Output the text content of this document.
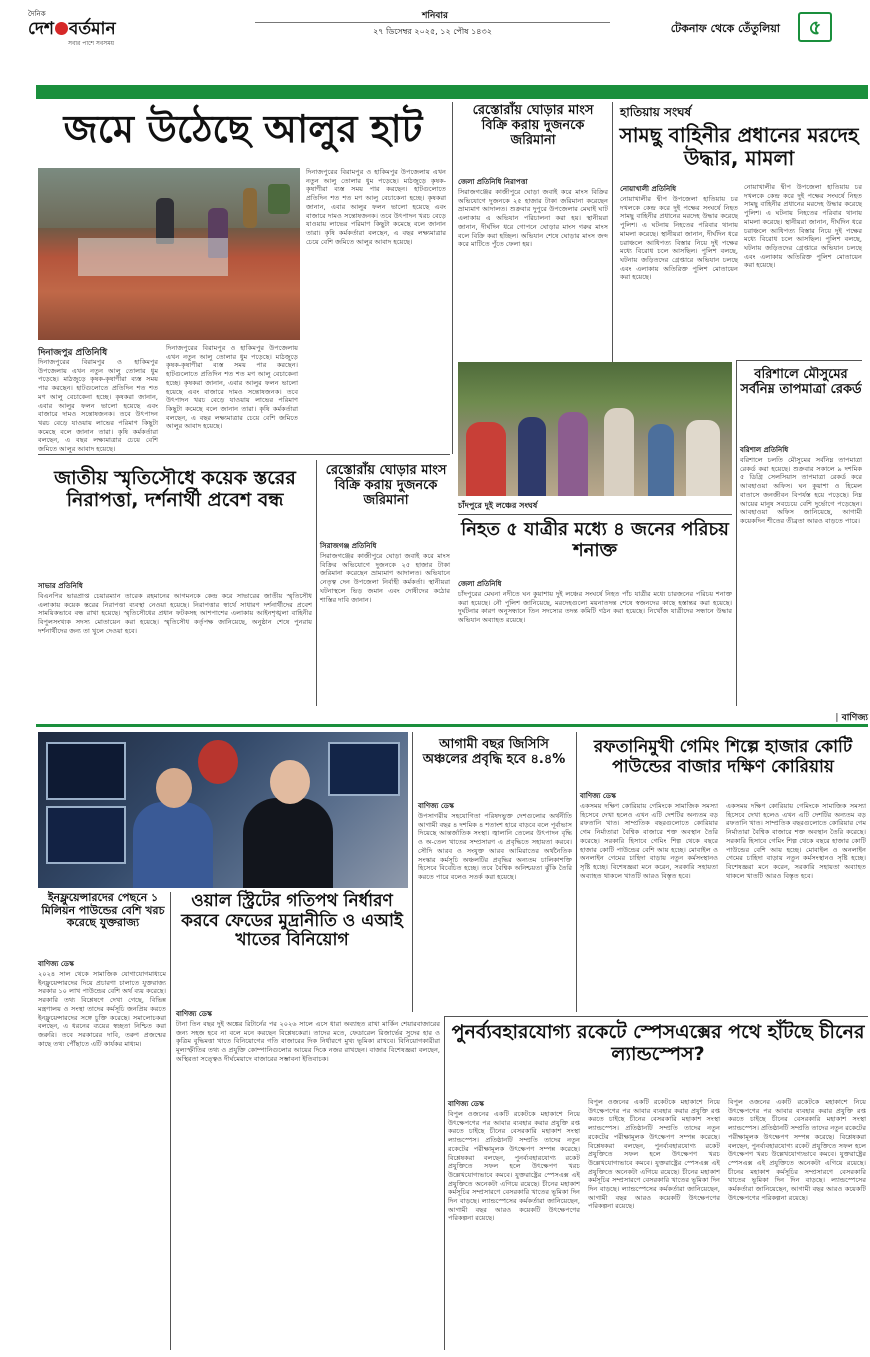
দৈনিক
দেশ বর্তমান
সবার পাশে সবসময়
শনিবার
২৭ ডিসেম্বর ২০২৫, ১২ পৌষ ১৪৩২	টেকনাফ থেকে তেঁতুলিয়া	৫
জমে উঠেছে আলুর হাট
দিনাজপুর প্রতিনিধি
দিনাজপুরের বিরামপুর ও হাকিমপুর উপজেলায় এখন নতুন আলু তোলার ধুম পড়েছে। মাঠজুড়ে কৃষক-কৃষাণীরা ব্যস্ত সময় পার করছেন। হাটগুলোতে প্রতিদিন শত শত মণ আলু বেচাকেনা হচ্ছে। কৃষকরা জানান, এবার আলুর ফলন ভালো হয়েছে এবং বাজারে দামও সন্তোষজনক। তবে উৎপাদন খরচ বেড়ে যাওয়ায় লাভের পরিমাণ কিছুটা কমেছে বলে জানান তারা। কৃষি কর্মকর্তারা বলছেন, এ বছর লক্ষ্যমাত্রার চেয়ে বেশি জমিতে আলুর আবাদ হয়েছে।
দিনাজপুরের বিরামপুর ও হাকিমপুর উপজেলায় এখন নতুন আলু তোলার ধুম পড়েছে। মাঠজুড়ে কৃষক-কৃষাণীরা ব্যস্ত সময় পার করছেন। হাটগুলোতে প্রতিদিন শত শত মণ আলু বেচাকেনা হচ্ছে। কৃষকরা জানান, এবার আলুর ফলন ভালো হয়েছে এবং বাজারে দামও সন্তোষজনক। তবে উৎপাদন খরচ বেড়ে যাওয়ায় লাভের পরিমাণ কিছুটা কমেছে বলে জানান তারা। কৃষি কর্মকর্তারা বলছেন, এ বছর লক্ষ্যমাত্রার চেয়ে বেশি জমিতে আলুর আবাদ হয়েছে।
দিনাজপুরের বিরামপুর ও হাকিমপুর উপজেলায় এখন নতুন আলু তোলার ধুম পড়েছে। মাঠজুড়ে কৃষক-কৃষাণীরা ব্যস্ত সময় পার করছেন। হাটগুলোতে প্রতিদিন শত শত মণ আলু বেচাকেনা হচ্ছে। কৃষকরা জানান, এবার আলুর ফলন ভালো হয়েছে এবং বাজারে দামও সন্তোষজনক। তবে উৎপাদন খরচ বেড়ে যাওয়ায় লাভের পরিমাণ কিছুটা কমেছে বলে জানান তারা। কৃষি কর্মকর্তারা বলছেন, এ বছর লক্ষ্যমাত্রার চেয়ে বেশি জমিতে আলুর আবাদ হয়েছে।
রেস্তোরাঁয় ঘোড়ার মাংস বিক্রি করায় দুজনকে জরিমানা
জেলা প্রতিনিধি নিরাপত্তা
সিরাজগঞ্জের কাজীপুরে ঘোড়া জবাই করে মাংস বিক্রির অভিযোগে দুজনকে ২৫ হাজার টাকা জরিমানা করেছেন ভ্রাম্যমাণ আদালত। শুক্রবার দুপুরে উপজেলার মেঘাই ঘাট এলাকায় এ অভিযান পরিচালনা করা হয়। স্থানীয়রা জানান, দীর্ঘদিন ধরে গোপনে ঘোড়ার মাংস গরুর মাংস বলে বিক্রি করা হচ্ছিল। অভিযান শেষে ঘোড়ার মাংস জব্দ করে মাটিতে পুঁতে ফেলা হয়।
হাতিয়ায় সংঘর্ষ
সামছু বাহিনীর প্রধানের মরদেহ উদ্ধার, মামলা
নোয়াখালী প্রতিনিধি
নোয়াখালীর দ্বীপ উপজেলা হাতিয়ায় চর দখলকে কেন্দ্র করে দুই পক্ষের সংঘর্ষে নিহত সামছু বাহিনীর প্রধানের মরদেহ উদ্ধার করেছে পুলিশ। এ ঘটনায় নিহতের পরিবার থানায় মামলা করেছে। স্থানীয়রা জানান, দীর্ঘদিন ধরে চরাঞ্চলে আধিপত্য বিস্তার নিয়ে দুই পক্ষের মধ্যে বিরোধ চলে আসছিল। পুলিশ বলছে, ঘটনায় জড়িতদের গ্রেপ্তারে অভিযান চলছে এবং এলাকায় অতিরিক্ত পুলিশ মোতায়েন করা হয়েছে।
নোয়াখালীর দ্বীপ উপজেলা হাতিয়ায় চর দখলকে কেন্দ্র করে দুই পক্ষের সংঘর্ষে নিহত সামছু বাহিনীর প্রধানের মরদেহ উদ্ধার করেছে পুলিশ। এ ঘটনায় নিহতের পরিবার থানায় মামলা করেছে। স্থানীয়রা জানান, দীর্ঘদিন ধরে চরাঞ্চলে আধিপত্য বিস্তার নিয়ে দুই পক্ষের মধ্যে বিরোধ চলে আসছিল। পুলিশ বলছে, ঘটনায় জড়িতদের গ্রেপ্তারে অভিযান চলছে এবং এলাকায় অতিরিক্ত পুলিশ মোতায়েন করা হয়েছে।
বরিশালে মৌসুমের সর্বনিম্ন তাপমাত্রা রেকর্ড
বরিশাল প্রতিনিধি
বরিশালে চলতি মৌসুমের সর্বনিম্ন তাপমাত্রা রেকর্ড করা হয়েছে। শুক্রবার সকালে ৯ দশমিক ৫ ডিগ্রি সেলসিয়াস তাপমাত্রা রেকর্ড করে আবহাওয়া অফিস। ঘন কুয়াশা ও হিমেল বাতাসে জনজীবন বিপর্যস্ত হয়ে পড়েছে। নিম্ন আয়ের মানুষ সবচেয়ে বেশি দুর্ভোগে পড়েছেন। আবহাওয়া অফিস জানিয়েছে, আগামী কয়েকদিন শীতের তীব্রতা আরও বাড়তে পারে।
জাতীয় স্মৃতিসৌধে কয়েক স্তরের নিরাপত্তা, দর্শনার্থী প্রবেশ বন্ধ
সাভার প্রতিনিধি
বিএনপির ভারপ্রাপ্ত চেয়ারম্যান তারেক রহমানের আগমনকে কেন্দ্র করে সাভারের জাতীয় স্মৃতিসৌধ এলাকায় কয়েক স্তরের নিরাপত্তা ব্যবস্থা নেওয়া হয়েছে। নিরাপত্তার স্বার্থে সাধারণ দর্শনার্থীদের প্রবেশ সাময়িকভাবে বন্ধ রাখা হয়েছে। স্মৃতিসৌধের প্রধান ফটকসহ আশপাশের এলাকায় আইনশৃঙ্খলা বাহিনীর বিপুলসংখ্যক সদস্য মোতায়েন করা হয়েছে। স্মৃতিসৌধ কর্তৃপক্ষ জানিয়েছে, অনুষ্ঠান শেষে পুনরায় দর্শনার্থীদের জন্য তা খুলে দেওয়া হবে।
রেস্তোরাঁয় ঘোড়ার মাংস বিক্রি করায় দুজনকে জরিমানা
সিরাজগঞ্জ প্রতিনিধি
সিরাজগঞ্জের কাজীপুরে ঘোড়া জবাই করে মাংস বিক্রির অভিযোগে দুজনকে ২৫ হাজার টাকা জরিমানা করেছেন ভ্রাম্যমাণ আদালত। অভিযানে নেতৃত্ব দেন উপজেলা নির্বাহী কর্মকর্তা। স্থানীয়রা ঘটনাস্থলে ভিড় জমান এবং দোষীদের কঠোর শাস্তির দাবি জানান।
চাঁদপুরে দুই লঞ্চের সংঘর্ষ
নিহত ৫ যাত্রীর মধ্যে ৪ জনের পরিচয় শনাক্ত
জেলা প্রতিনিধি
চাঁদপুরের মেঘনা নদীতে ঘন কুয়াশায় দুই লঞ্চের সংঘর্ষে নিহত পাঁচ যাত্রীর মধ্যে চারজনের পরিচয় শনাক্ত করা হয়েছে। নৌ পুলিশ জানিয়েছে, মরদেহগুলো ময়নাতদন্ত শেষে স্বজনদের কাছে হস্তান্তর করা হয়েছে। দুর্ঘটনার কারণ অনুসন্ধানে তিন সদস্যের তদন্ত কমিটি গঠন করা হয়েছে। নিখোঁজ যাত্রীদের সন্ধানে উদ্ধার অভিযান অব্যাহত রয়েছে।
| বাণিজ্য
আগামী বছর জিসিসি অঞ্চলের প্রবৃদ্ধি হবে ৪.৪%
বাণিজ্য ডেস্ক
উপসাগরীয় সহযোগিতা পরিষদভুক্ত দেশগুলোর অর্থনীতি আগামী বছর ৪ দশমিক ৪ শতাংশ হারে বাড়বে বলে পূর্বাভাস দিয়েছে আন্তর্জাতিক সংস্থা। জ্বালানি তেলের উৎপাদন বৃদ্ধি ও অ-তেল খাতের সম্প্রসারণ এ প্রবৃদ্ধিতে সহায়তা করবে। সৌদি আরব ও সংযুক্ত আরব আমিরাতের অর্থনৈতিক সংস্কার কর্মসূচি অঞ্চলটির প্রবৃদ্ধির অন্যতম চালিকাশক্তি হিসেবে বিবেচিত হচ্ছে। তবে বৈশ্বিক অনিশ্চয়তা ঝুঁকি তৈরি করতে পারে বলেও সতর্ক করা হয়েছে।
রফতানিমুখী গেমিং শিল্পে হাজার কোটি পাউন্ডের বাজার দক্ষিণ কোরিয়ায়
বাণিজ্য ডেস্ক
একসময় দক্ষিণ কোরিয়ায় গেমিংকে সামাজিক সমস্যা হিসেবে দেখা হলেও এখন এটি দেশটির অন্যতম বড় রফতানি খাত। সাম্প্রতিক বছরগুলোতে কোরিয়ার গেম নির্মাতারা বৈশ্বিক বাজারে শক্ত অবস্থান তৈরি করেছে। সরকারি হিসাবে গেমিং শিল্প থেকে বছরে হাজার কোটি পাউন্ডের বেশি আয় হচ্ছে। মোবাইল ও অনলাইন গেমের চাহিদা বাড়ায় নতুন কর্মসংস্থানও সৃষ্টি হচ্ছে। বিশেষজ্ঞরা মনে করেন, সরকারি সহায়তা অব্যাহত থাকলে খাতটি আরও বিস্তৃত হবে।
একসময় দক্ষিণ কোরিয়ায় গেমিংকে সামাজিক সমস্যা হিসেবে দেখা হলেও এখন এটি দেশটির অন্যতম বড় রফতানি খাত। সাম্প্রতিক বছরগুলোতে কোরিয়ার গেম নির্মাতারা বৈশ্বিক বাজারে শক্ত অবস্থান তৈরি করেছে। সরকারি হিসাবে গেমিং শিল্প থেকে বছরে হাজার কোটি পাউন্ডের বেশি আয় হচ্ছে। মোবাইল ও অনলাইন গেমের চাহিদা বাড়ায় নতুন কর্মসংস্থানও সৃষ্টি হচ্ছে। বিশেষজ্ঞরা মনে করেন, সরকারি সহায়তা অব্যাহত থাকলে খাতটি আরও বিস্তৃত হবে।
ইনফ্লুয়েন্সারদের পেছনে ১ মিলিয়ন পাউন্ডের বেশি খরচ করেছে যুক্তরাজ্য
বাণিজ্য ডেস্ক
২০২৪ সাল থেকে সামাজিক যোগাযোগমাধ্যমে ইনফ্লুয়েন্সারদের দিয়ে প্রচারণা চালাতে যুক্তরাজ্য সরকার ১০ লাখ পাউন্ডের বেশি অর্থ ব্যয় করেছে। সরকারি তথ্য বিশ্লেষণে দেখা গেছে, বিভিন্ন মন্ত্রণালয় ও সংস্থা তাদের কর্মসূচি জনপ্রিয় করতে ইনফ্লুয়েন্সারদের সঙ্গে চুক্তি করেছে। সমালোচকরা বলছেন, এ ধরনের ব্যয়ের স্বচ্ছতা নিশ্চিত করা জরুরি। তবে সরকারের দাবি, তরুণ প্রজন্মের কাছে তথ্য পৌঁছাতে এটি কার্যকর মাধ্যম।
ওয়াল স্ট্রিটের গতিপথ নির্ধারণ করবে ফেডের মুদ্রানীতি ও এআই খাতের বিনিয়োগ
বাণিজ্য ডেস্ক
টানা তিন বছর দুই অঙ্কের রিটার্নের পর ২০২৬ সালে এসে ধারা অব্যাহত রাখা মার্কিন শেয়ারবাজারের জন্য সহজ হবে না বলে মনে করছেন বিশ্লেষকেরা। তাদের মতে, ফেডারেল রিজার্ভের সুদের হার ও কৃত্রিম বুদ্ধিমত্তা খাতে বিনিয়োগের গতি বাজারের দিক নির্ধারণে মুখ্য ভূমিকা রাখবে। বিনিয়োগকারীরা মূল্যস্ফীতির তথ্য ও প্রযুক্তি কোম্পানিগুলোর আয়ের দিকে নজর রাখছেন। বাজার বিশেষজ্ঞরা বলছেন, অস্থিরতা সত্ত্বেও দীর্ঘমেয়াদে বাজারের সম্ভাবনা ইতিবাচক।
পুনর্ব্যবহারযোগ্য রকেটে স্পেসএক্সের পথে হাঁটছে চীনের ল্যান্ডস্পেস?
বাণিজ্য ডেস্ক
বিপুল ওজনের একটি রকেটকে মহাকাশে নিয়ে উৎক্ষেপণের পর আবার ব্যবহার করার প্রযুক্তি রপ্ত করতে চাইছে চীনের বেসরকারি মহাকাশ সংস্থা ল্যান্ডস্পেস। প্রতিষ্ঠানটি সম্প্রতি তাদের নতুন রকেটের পরীক্ষামূলক উৎক্ষেপণ সম্পন্ন করেছে। বিশ্লেষকরা বলছেন, পুনর্ব্যবহারযোগ্য রকেট প্রযুক্তিতে সফল হলে উৎক্ষেপণ খরচ উল্লেখযোগ্যভাবে কমবে। যুক্তরাষ্ট্রের স্পেসএক্স এই প্রযুক্তিতে অনেকটা এগিয়ে রয়েছে। চীনের মহাকাশ কর্মসূচির সম্প্রসারণে বেসরকারি খাতের ভূমিকা দিন দিন বাড়ছে। ল্যান্ডস্পেসের কর্মকর্তারা জানিয়েছেন, আগামী বছর আরও কয়েকটি উৎক্ষেপণের পরিকল্পনা রয়েছে।
বিপুল ওজনের একটি রকেটকে মহাকাশে নিয়ে উৎক্ষেপণের পর আবার ব্যবহার করার প্রযুক্তি রপ্ত করতে চাইছে চীনের বেসরকারি মহাকাশ সংস্থা ল্যান্ডস্পেস। প্রতিষ্ঠানটি সম্প্রতি তাদের নতুন রকেটের পরীক্ষামূলক উৎক্ষেপণ সম্পন্ন করেছে। বিশ্লেষকরা বলছেন, পুনর্ব্যবহারযোগ্য রকেট প্রযুক্তিতে সফল হলে উৎক্ষেপণ খরচ উল্লেখযোগ্যভাবে কমবে। যুক্তরাষ্ট্রের স্পেসএক্স এই প্রযুক্তিতে অনেকটা এগিয়ে রয়েছে। চীনের মহাকাশ কর্মসূচির সম্প্রসারণে বেসরকারি খাতের ভূমিকা দিন দিন বাড়ছে। ল্যান্ডস্পেসের কর্মকর্তারা জানিয়েছেন, আগামী বছর আরও কয়েকটি উৎক্ষেপণের পরিকল্পনা রয়েছে।
বিপুল ওজনের একটি রকেটকে মহাকাশে নিয়ে উৎক্ষেপণের পর আবার ব্যবহার করার প্রযুক্তি রপ্ত করতে চাইছে চীনের বেসরকারি মহাকাশ সংস্থা ল্যান্ডস্পেস। প্রতিষ্ঠানটি সম্প্রতি তাদের নতুন রকেটের পরীক্ষামূলক উৎক্ষেপণ সম্পন্ন করেছে। বিশ্লেষকরা বলছেন, পুনর্ব্যবহারযোগ্য রকেট প্রযুক্তিতে সফল হলে উৎক্ষেপণ খরচ উল্লেখযোগ্যভাবে কমবে। যুক্তরাষ্ট্রের স্পেসএক্স এই প্রযুক্তিতে অনেকটা এগিয়ে রয়েছে। চীনের মহাকাশ কর্মসূচির সম্প্রসারণে বেসরকারি খাতের ভূমিকা দিন দিন বাড়ছে। ল্যান্ডস্পেসের কর্মকর্তারা জানিয়েছেন, আগামী বছর আরও কয়েকটি উৎক্ষেপণের পরিকল্পনা রয়েছে।
